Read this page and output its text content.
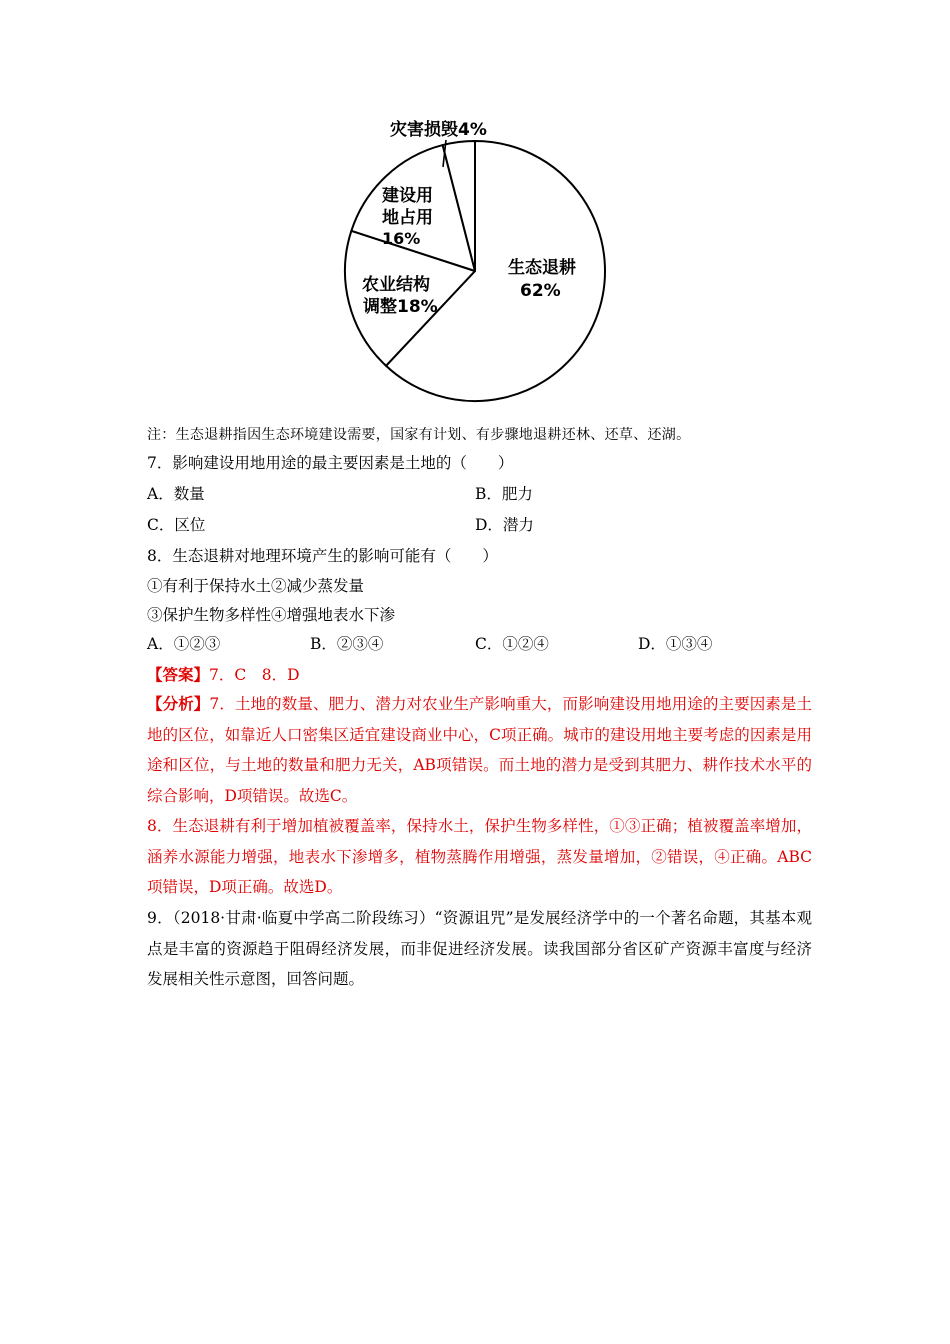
生态退耕
62%
农业结构
调整18%
建设用
地占用
16%
灾害损毁4%
注：生态退耕指因生态环境建设需要，国家有计划、有步骤地退耕还林、还草、还湖。
7．影响建设用地用途的最主要因素是土地的（　　）
A．数量	B．肥力
C．区位	D．潜力
8．生态退耕对地理环境产生的影响可能有（　　）
①有利于保持水土②减少蒸发量
③保护生物多样性④增强地表水下渗
A．①②③	B．②③④	C．①②④	D．①③④
【答案】7．C　8．D
【分析】7．土地的数量、肥力、潜力对农业生产影响重大，而影响建设用地用途的主要因素是土地的区位，如靠近人口密集区适宜建设商业中心，C项正确。城市的建设用地主要考虑的因素是用途和区位，与土地的数量和肥力无关，AB项错误。而土地的潜力是受到其肥力、耕作技术水平的综合影响，D项错误。故选C。
8．生态退耕有利于增加植被覆盖率，保持水土，保护生物多样性，①③正确；植被覆盖率增加，涵养水源能力增强，地表水下渗增多，植物蒸腾作用增强，蒸发量增加，②错误，④正确。ABC项错误，D项正确。故选D。
9．（2018·甘肃·临夏中学高二阶段练习）“资源诅咒”是发展经济学中的一个著名命题，其基本观点是丰富的资源趋于阻碍经济发展，而非促进经济发展。读我国部分省区矿产资源丰富度与经济发展相关性示意图，回答问题。
